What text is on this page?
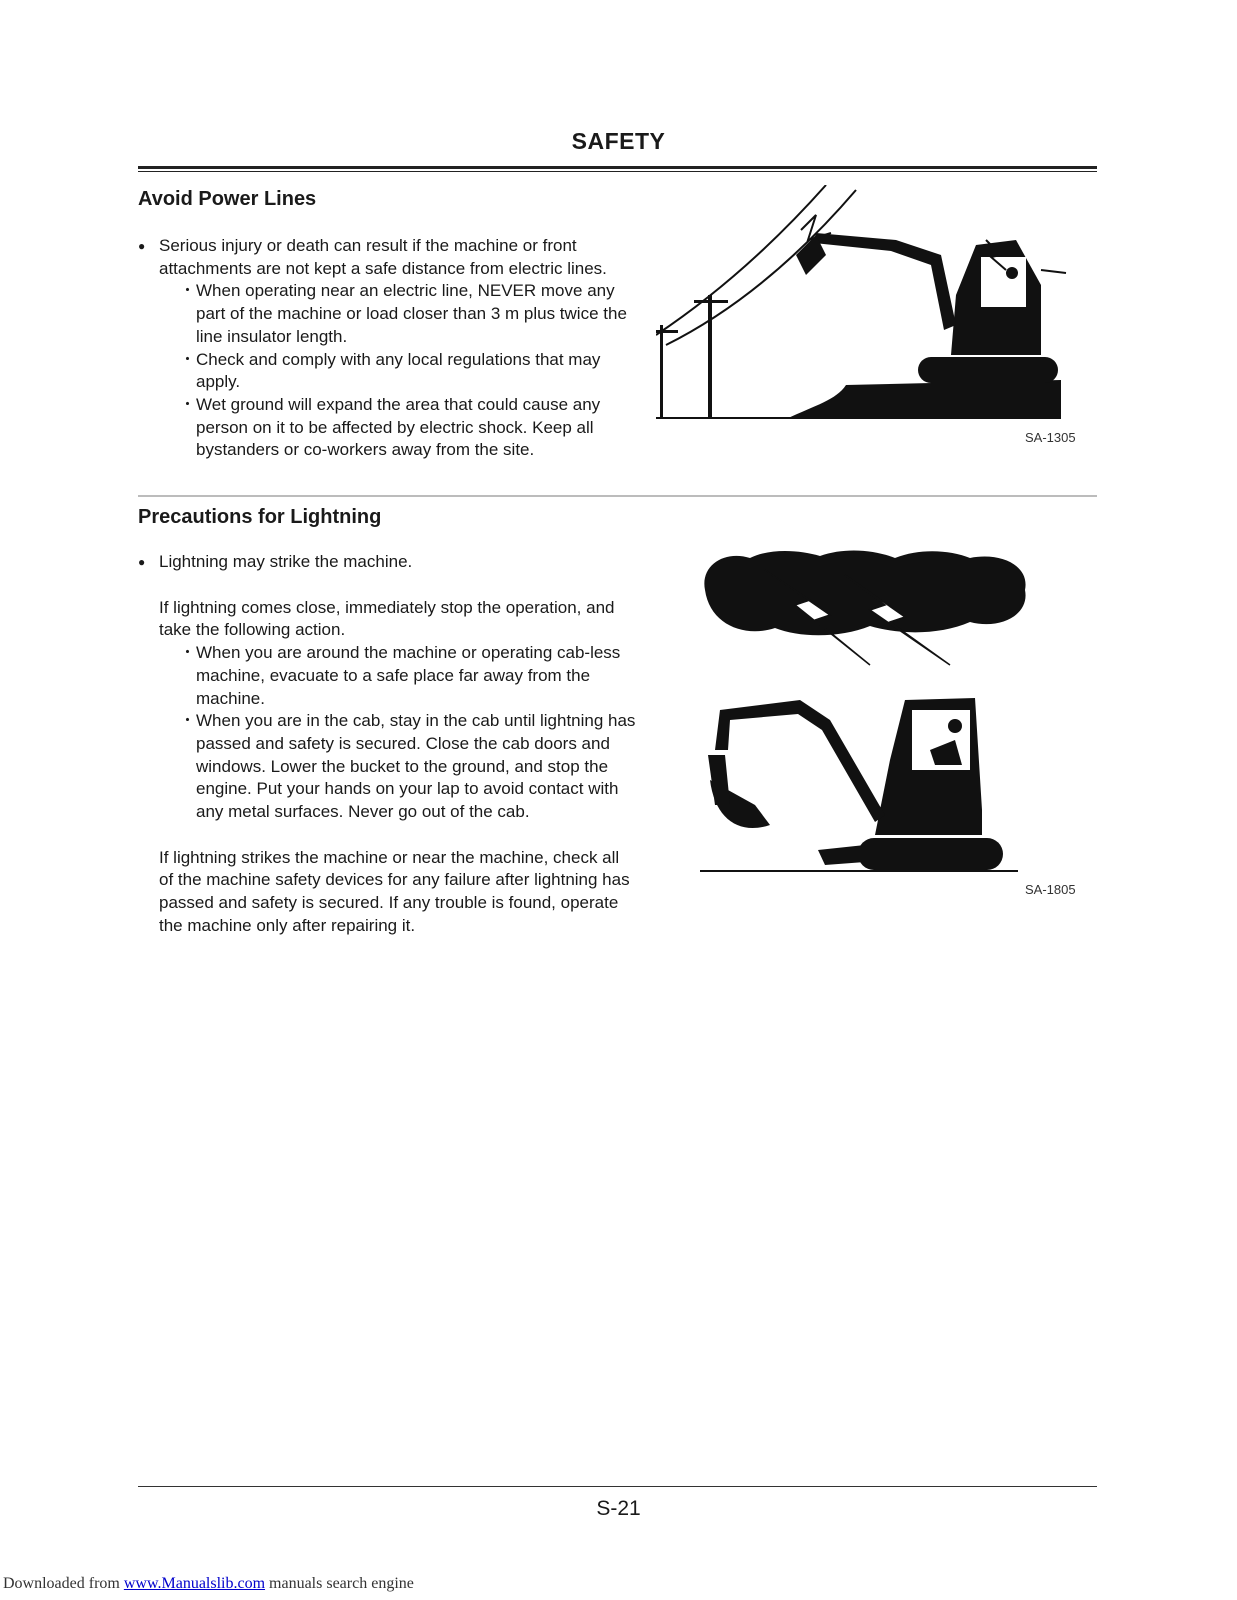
SAFETY
Avoid Power Lines
● Serious injury or death can result if the machine or front attachments are not kept a safe distance from electric lines.
・When operating near an electric line, NEVER move any part of the machine or load closer than 3 m plus twice the line insulator length.
・Check and comply with any local regulations that may apply.
・Wet ground will expand the area that could cause any person on it to be affected by electric shock. Keep all bystanders or co-workers away from the site.
SA-1305
Precautions for Lightning
● Lightning may strike the machine.
If lightning comes close, immediately stop the operation, and take the following action.
・When you are around the machine or operating cab-less machine, evacuate to a safe place far away from the machine.
・When you are in the cab, stay in the cab until lightning has passed and safety is secured. Close the cab doors and windows. Lower the bucket to the ground, and stop the engine. Put your hands on your lap to avoid contact with any metal surfaces. Never go out of the cab.
If lightning strikes the machine or near the machine, check all of the machine safety devices for any failure after lightning has passed and safety is secured. If any trouble is found, operate the machine only after repairing it.
SA-1805
S-21
Downloaded from www.Manualslib.com manuals search engine
